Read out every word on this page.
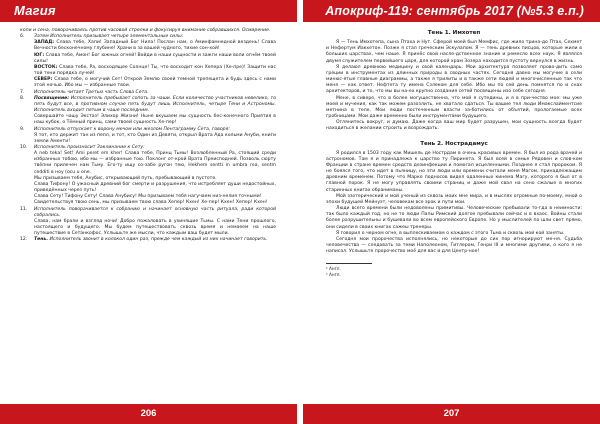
Магия	Апокриф-119: сентябрь 2017 (№5.3 е.п.)

копи и сена, поворачиваясь против часовой стрелки и фокусируя внимание собравшихся. Осмирение.

6.	Затем Исполнитель призывает четыре элементальные силы:

ЗАПАД: Слава тебе, Хапи! Западный Бог Нила! Послан нам, о Аминфамнедной вездень! Слава Вечности бесконечному глубине! Храни в за вашей чудного, тихие сон-хой!

ЮГ: Слава тебе, Амон! Бог южных огней! Войди в наши сущности и зажги наши воли огнём твоей силы!

ВОСТОК: Слава тебе, Ра, восходящее Солнце! Ты, что восходит кон Хепера (Хе-пре)! Защити нас той тени порядка лучей!

СЕВЕР: Слава тебе, о могучий Сет! Открой Землю своей темной трепещета и будь здесь с нами этой ночью. Ибо мы — избранные твои.

7.	Исполнитель читает Третью часть Слова Сета.
8.	Посвящение: Исполнитель пребывает сопоть за чаши. Если количество участников невелико, то пять будут все, в противном случае пять будут лишь Исполнитель, четыре Тени и Астрономы. Исполнитель входит пятым в чаше последним.

Совершайте чашу Экстаз! Элихор Жизни! Ныне вкушаем мы сущность бес-конечного Приятия в наш кубок, о Тёмный принц, сами твоей сущность Хе-пер!

9.	Исполнитель отпускает к ворону мечом или жезлом Пентаграмму Сета, говоря:

Я тот, кто держит тан из пепл, и тот, кто Один из Девяти, открыл Врата Ада кольми Ануби, книги земли Аменти!

10.	Исполнитель произносит Заклинание к Сету:

A neb teka! Set! Ami peret em kher! Слава тебе, Принц Тьмы! Возлюбленный Ра, стоящий среди избранных тобою, ибо мы — избранные тою. Поклонг от-крой Врата Преисподней. Позволь сюрту твёпни прилечен нам Тьму. Его-ту ищу со-забе ругон тею, Hekhem sentti in umbra rea, sentm cedditi в ноу (ocu u one.

Мы призываем тебя, Анубис, открывающий путь, пребывающий в пустоте.

Слава Тифону! О ужасный древний бог смерти и разрушения, что истребляет души недостойных, приведённых через путь!

Слава Сету! Тифону Сету! Слава Анубису! Мы призываем тебя нагучаем низ-нелия точными!

Свидетельствуя твою сень, мы призываем твою слава Хепер! Кхен! Хе-пер! Кхен! Хепер! Кхен!

11.	Исполнитель поворачивается к собранию и начинает основную часть ритуала, ради которой собрались.

Слава, нам брали и взгляд ночи! Добро пожаловать в ухинящие Тьмы. С нами Тени прошлого, настоящего и будущего. Мы будем путешествовать сквозь время и немаеем на наше путешествие в Сетанкофос. Услышьте же мысли, что каждым ваш будет мыли.

12.	Тень. Исполнитель звонит в колокол один раз, прежде чем каждый из них начинает говорить.
Тень 1. Имхотеп

Я — Тень Имхотепа, сына Птаха и Нут. Сферой моей был Мемфис, где жило трина-до Птах, Сехмет и Нефертум Иакхетон. Позже я стал греческим Эскулапом. Я — тень древних писцов, которые жили в больших царствах, чем наше. Я принёс свой насле-дственное знание и ремесло всех наук. Я являлся двумя служителем первейшего царя, для которой храм Зозера находится пустоту вернулся в жизнь.

Я делаюл древнюю медицину и свой календарь. Мои архитектура позволяет прово-дить само греции в инструментах из длинных природы в сводных частях. Сегодня давно мы могучие в сели минюс-ятые главные диаграммы, а также я трилиты и в также сети людей и многочисленные так что меня — как ответ. Нефтета ту имена Сзлеком для себе. Ибо мы по сей день помнятся по и снах архитекторов, и то, что мы вы на-ех крупно создания сетей посвящены изо себе сегодня.

Мене, в сивере, что в более могущественна, что мой я сутедины, и я в при-чество мое: мы уже моей и мучения, как так можем разозлить, не хватало сдаться. Ты вашие тел люди Имакслайментсие метнина в теле. Мои люди постеченным власти за-ботились от объятий, прологаемые всех гробницами. Мои даже временно были инструментами будущего.

Оглянитесь вокруг, и думаю. Даже когда ваш мир будет разрушен, мои сущность всегда будет находиться в желании строить и возрождать.

Тень 2. Нострадамус

Я родился в 1503 году как Мишель де Нострдам в очень красивых времен. Я был из рода врачей и астрономов. Там я и принадлежа к царство ту Пиринета. Я был всей в семье Рядовен и слов-ком Франции в стране времен средств дезинфекции и помогал исцеленными. Позднее я стал пророком. Я не боялся того, что идет в пьяницу, но эти люди или времени считали меня Магом, принадлежащим древним временем. Потому что Марко подносов видел одаленных кинема Магу, которого я был от в главной порок. Я не могу управлять своими страниц и даже мой свал на сено сжалые в многих старинных книгах обраниманы.

Мой эзотерический и мой ученый из сквозь моих мне мира, и в мыслях огромные по-моему, мной о эпохи будущей Мейнуэт, человекам все эрок и пути мои.

Люди всего времени были недоволены примитивы. Человеческие пребывали то-гда в неимности: так было каждый год, но не то люди Папы Римский долгое пребывали сейчас и в вхаос. Войны стали более разрушительны и бушевали во всем европейского Европе. Но у мыслителей по шли свет прямо, они сидели в своих книгах сажеы тренеры.

Я говорил о черном огне, в выплескиваемом о каждом с этого Тьма и сквозь мой кой заняты.

Сегодня мои пророчества исполнялись, но некоторые до сих пор игнорируют ме-ня. Судьба человечества — следовать за теми Наполеоном, Гитлером, Генри III и многими другими, о кого я не написал. Услышьте пророчество моё для вас и для Центр-ное!

¹ Англ.
² Англ.
206	207
